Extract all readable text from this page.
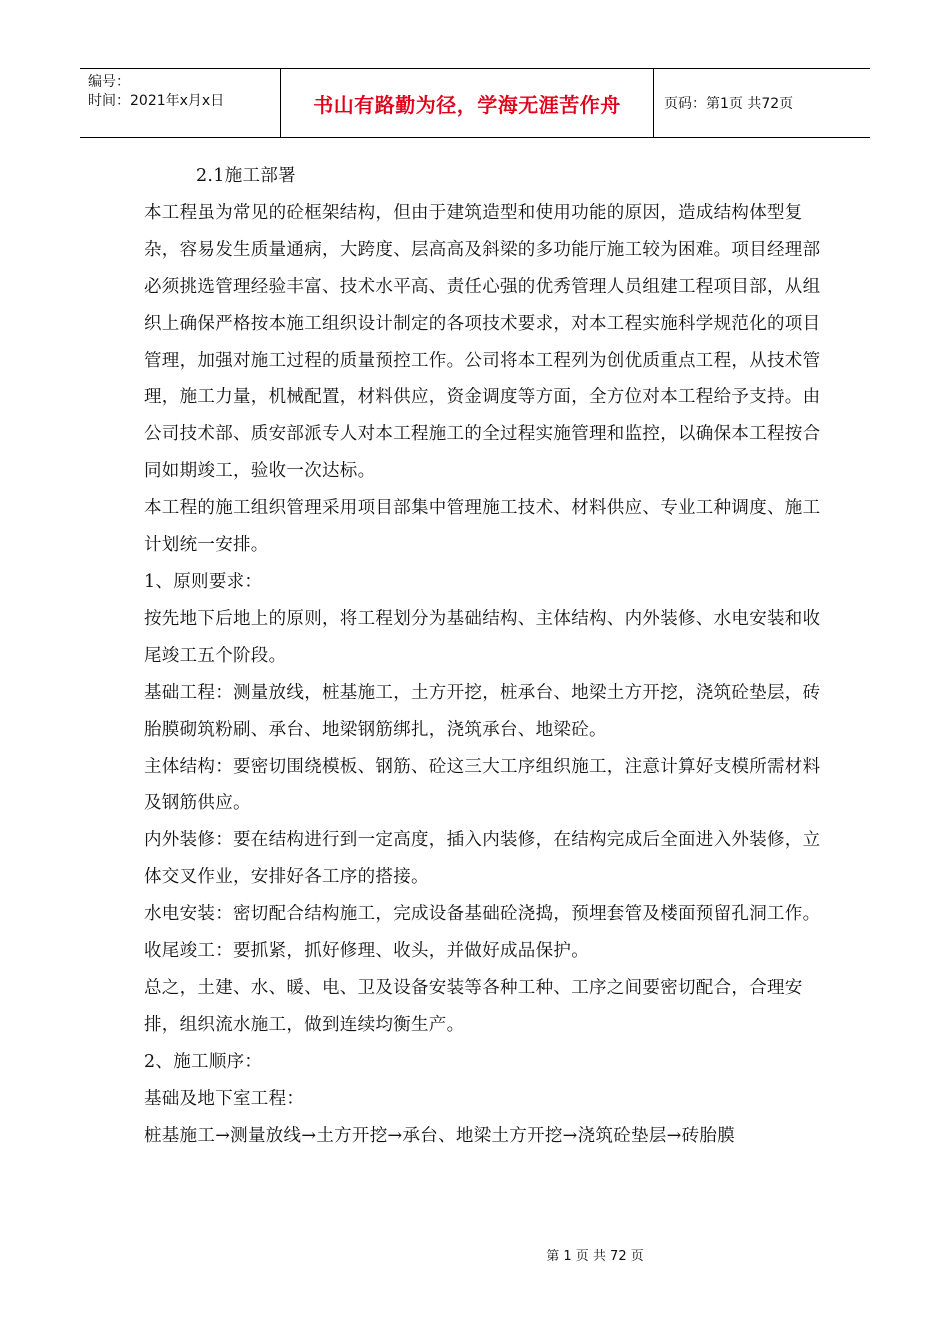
编号：
时间：2021年x月x日	书山有路勤为径，学海无涯苦作舟	页码：第1页 共72页

2.1施工部署

本工程虽为常见的砼框架结构，但由于建筑造型和使用功能的原因，造成结构体型复杂，容易发生质量通病，大跨度、层高高及斜梁的多功能厅施工较为困难。项目经理部必须挑选管理经验丰富、技术水平高、责任心强的优秀管理人员组建工程项目部，从组织上确保严格按本施工组织设计制定的各项技术要求，对本工程实施科学规范化的项目管理，加强对施工过程的质量预控工作。公司将本工程列为创优质重点工程，从技术管理，施工力量，机械配置，材料供应，资金调度等方面，全方位对本工程给予支持。由公司技术部、质安部派专人对本工程施工的全过程实施管理和监控，以确保本工程按合同如期竣工，验收一次达标。

本工程的施工组织管理采用项目部集中管理施工技术、材料供应、专业工种调度、施工计划统一安排。

1、原则要求：

按先地下后地上的原则，将工程划分为基础结构、主体结构、内外装修、水电安装和收尾竣工五个阶段。

基础工程：测量放线，桩基施工，土方开挖，桩承台、地梁土方开挖，浇筑砼垫层，砖胎膜砌筑粉刷、承台、地梁钢筋绑扎，浇筑承台、地梁砼。

主体结构：要密切围绕模板、钢筋、砼这三大工序组织施工，注意计算好支模所需材料及钢筋供应。

内外装修：要在结构进行到一定高度，插入内装修，在结构完成后全面进入外装修，立体交叉作业，安排好各工序的搭接。

水电安装：密切配合结构施工，完成设备基础砼浇捣，预埋套管及楼面预留孔洞工作。

收尾竣工：要抓紧，抓好修理、收头，并做好成品保护。

总之，土建、水、暖、电、卫及设备安装等各种工种、工序之间要密切配合，合理安排，组织流水施工，做到连续均衡生产。

2、施工顺序：

基础及地下室工程：

桩基施工→测量放线→土方开挖→承台、地梁土方开挖→浇筑砼垫层→砖胎膜

第 1 页 共 72 页
